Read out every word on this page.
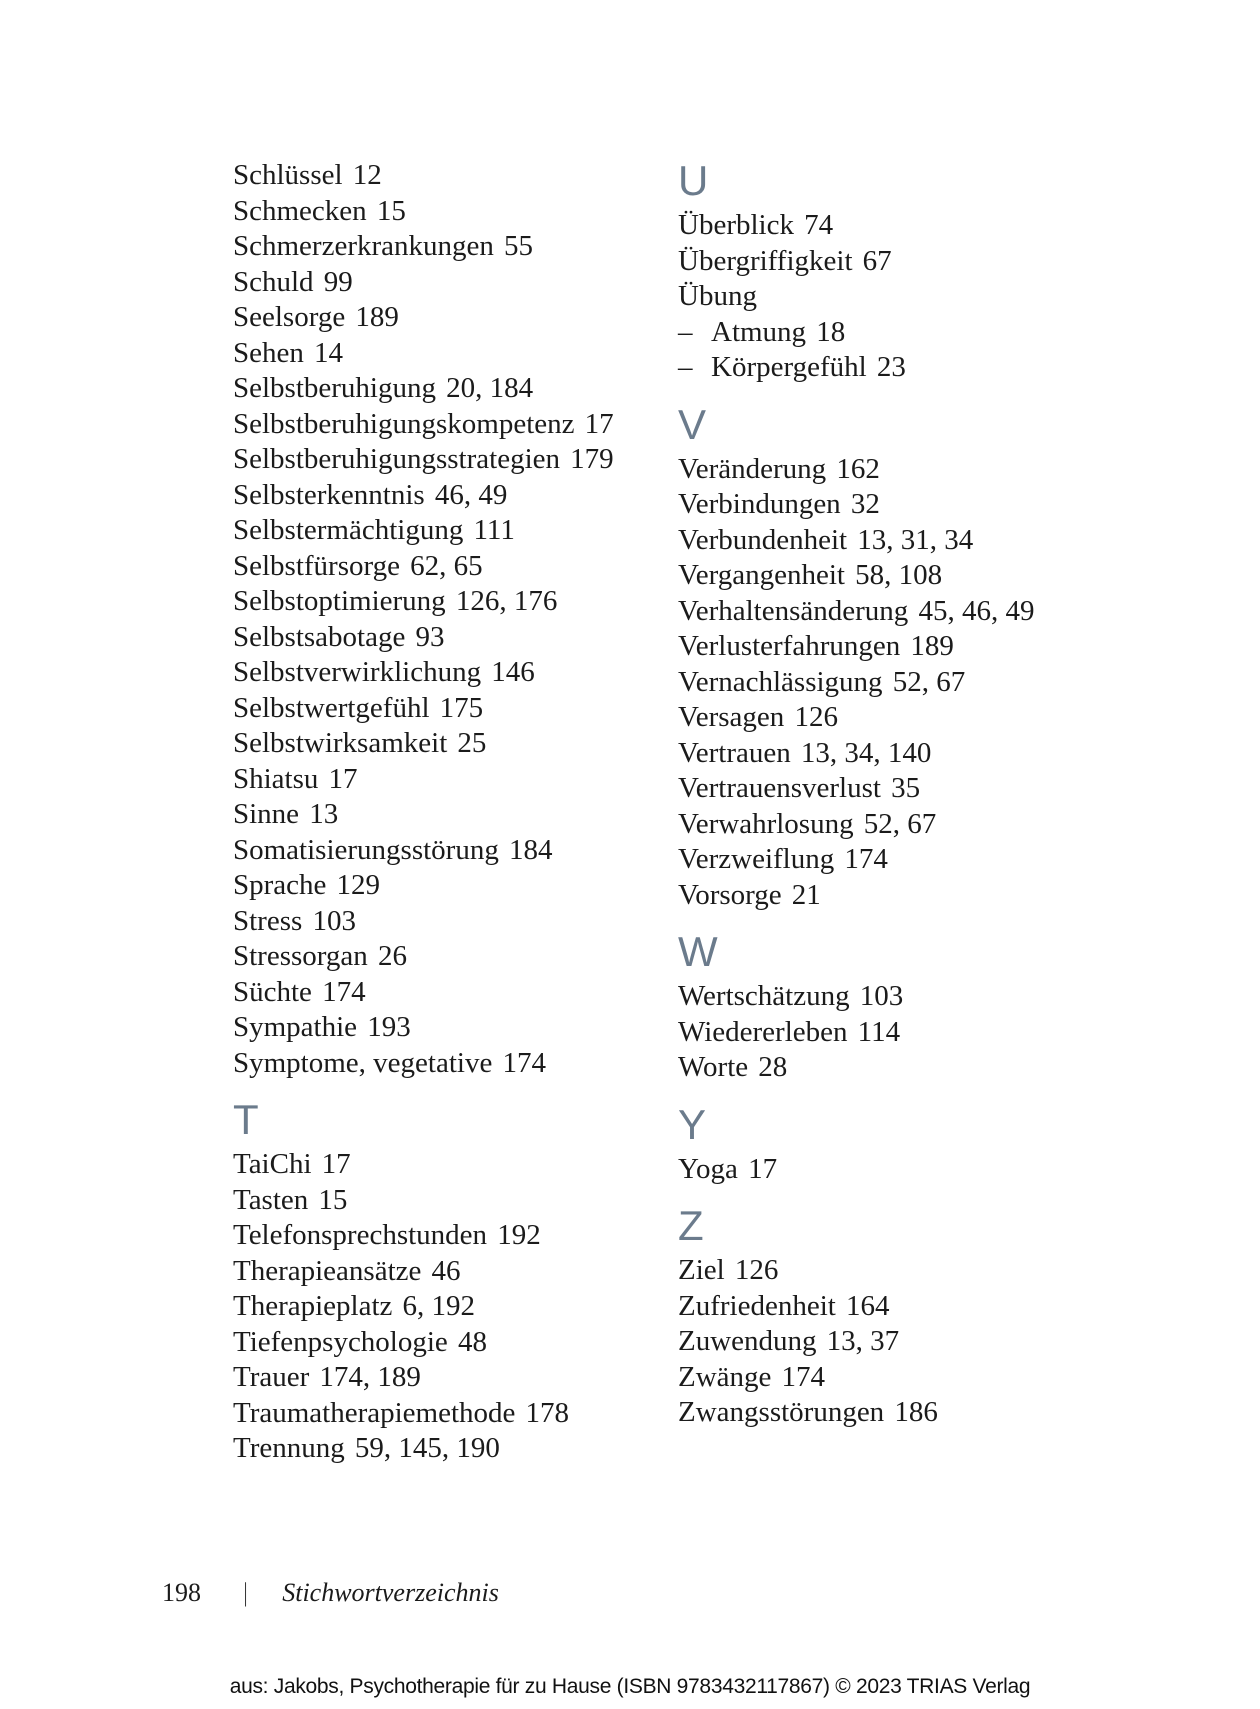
Schlüssel 12
Schmecken 15
Schmerzerkrankungen 55
Schuld 99
Seelsorge 189
Sehen 14
Selbstberuhigung 20, 184
Selbstberuhigungskompetenz 17
Selbstberuhigungsstrategien 179
Selbsterkenntnis 46, 49
Selbstermächtigung 111
Selbstfürsorge 62, 65
Selbstoptimierung 126, 176
Selbstsabotage 93
Selbstverwirklichung 146
Selbstwertgefühl 175
Selbstwirksamkeit 25
Shiatsu 17
Sinne 13
Somatisierungsstörung 184
Sprache 129
Stress 103
Stressorgan 26
Süchte 174
Sympathie 193
Symptome, vegetative 174
T
TaiChi 17
Tasten 15
Telefonsprechstunden 192
Therapieansätze 46
Therapieplatz 6, 192
Tiefenpsychologie 48
Trauer 174, 189
Traumatherapiemethode 178
Trennung 59, 145, 190
U
Überblick 74
Übergriffigkeit 67
Übung
– Atmung 18
– Körpergefühl 23
V
Veränderung 162
Verbindungen 32
Verbundenheit 13, 31, 34
Vergangenheit 58, 108
Verhaltensänderung 45, 46, 49
Verlusterfahrungen 189
Vernachlässigung 52, 67
Versagen 126
Vertrauen 13, 34, 140
Vertrauensverlust 35
Verwahrlosung 52, 67
Verzweiflung 174
Vorsorge 21
W
Wertschätzung 103
Wiedererleben 114
Worte 28
Y
Yoga 17
Z
Ziel 126
Zufriedenheit 164
Zuwendung 13, 37
Zwänge 174
Zwangsstörungen 186
198 | Stichwortverzeichnis
aus: Jakobs, Psychotherapie für zu Hause (ISBN 9783432117867) © 2023 TRIAS Verlag
